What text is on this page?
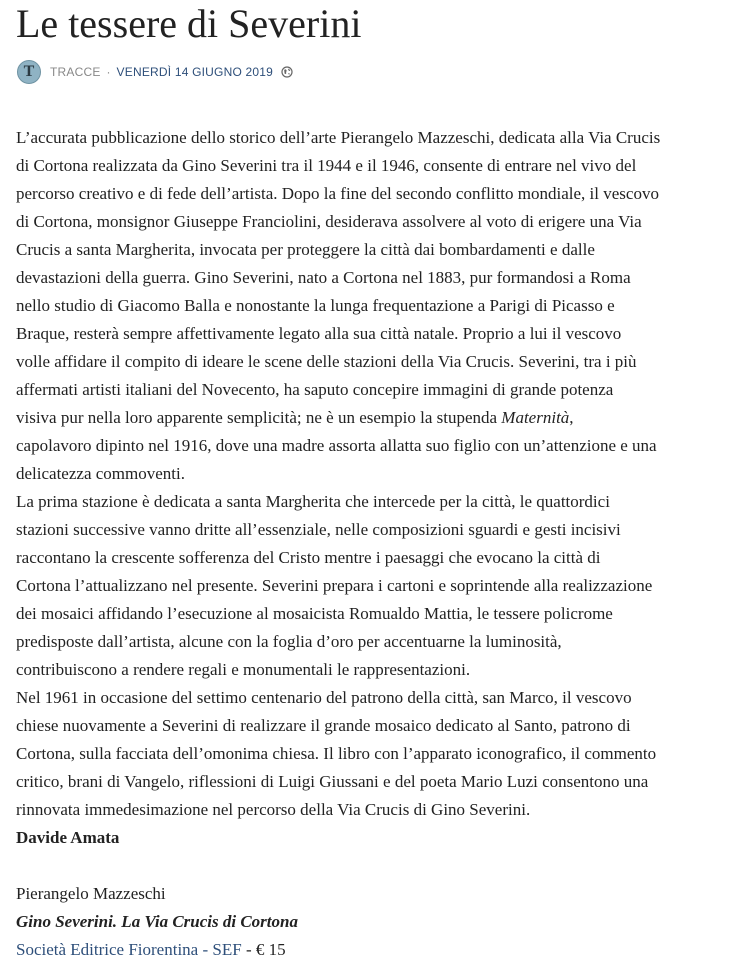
Le tessere di Severini
T TRACCE · VENERDÌ 14 GIUGNO 2019

L’accurata pubblicazione dello storico dell’arte Pierangelo Mazzeschi, dedicata alla Via Crucis
di Cortona realizzata da Gino Severini tra il 1944 e il 1946, consente di entrare nel vivo del
percorso creativo e di fede dell’artista. Dopo la fine del secondo conflitto mondiale, il vescovo
di Cortona, monsignor Giuseppe Franciolini, desiderava assolvere al voto di erigere una Via
Crucis a santa Margherita, invocata per proteggere la città dai bombardamenti e dalle
devastazioni della guerra. Gino Severini, nato a Cortona nel 1883, pur formandosi a Roma
nello studio di Giacomo Balla e nonostante la lunga frequentazione a Parigi di Picasso e
Braque, resterà sempre affettivamente legato alla sua città natale. Proprio a lui il vescovo
volle affidare il compito di ideare le scene delle stazioni della Via Crucis. Severini, tra i più
affermati artisti italiani del Novecento, ha saputo concepire immagini di grande potenza
visiva pur nella loro apparente semplicità; ne è un esempio la stupenda Maternità,
capolavoro dipinto nel 1916, dove una madre assorta allatta suo figlio con un’attenzione e una
delicatezza commoventi.

La prima stazione è dedicata a santa Margherita che intercede per la città, le quattordici
stazioni successive vanno dritte all’essenziale, nelle composizioni sguardi e gesti incisivi
raccontano la crescente sofferenza del Cristo mentre i paesaggi che evocano la città di
Cortona l’attualizzano nel presente. Severini prepara i cartoni e soprintende alla realizzazione
dei mosaici affidando l’esecuzione al mosaicista Romualdo Mattia, le tessere policrome
predisposte dall’artista, alcune con la foglia d’oro per accentuarne la luminosità,
contribuiscono a rendere regali e monumentali le rappresentazioni.

Nel 1961 in occasione del settimo centenario del patrono della città, san Marco, il vescovo
chiese nuovamente a Severini di realizzare il grande mosaico dedicato al Santo, patrono di
Cortona, sulla facciata dell’omonima chiesa. Il libro con l’apparato iconografico, il commento
critico, brani di Vangelo, riflessioni di Luigi Giussani e del poeta Mario Luzi consentono una
rinnovata immedesimazione nel percorso della Via Crucis di Gino Severini.

Davide Amata

Pierangelo Mazzeschi

Gino Severini. La Via Crucis di Cortona

Società Editrice Fiorentina - SEF - € 15
